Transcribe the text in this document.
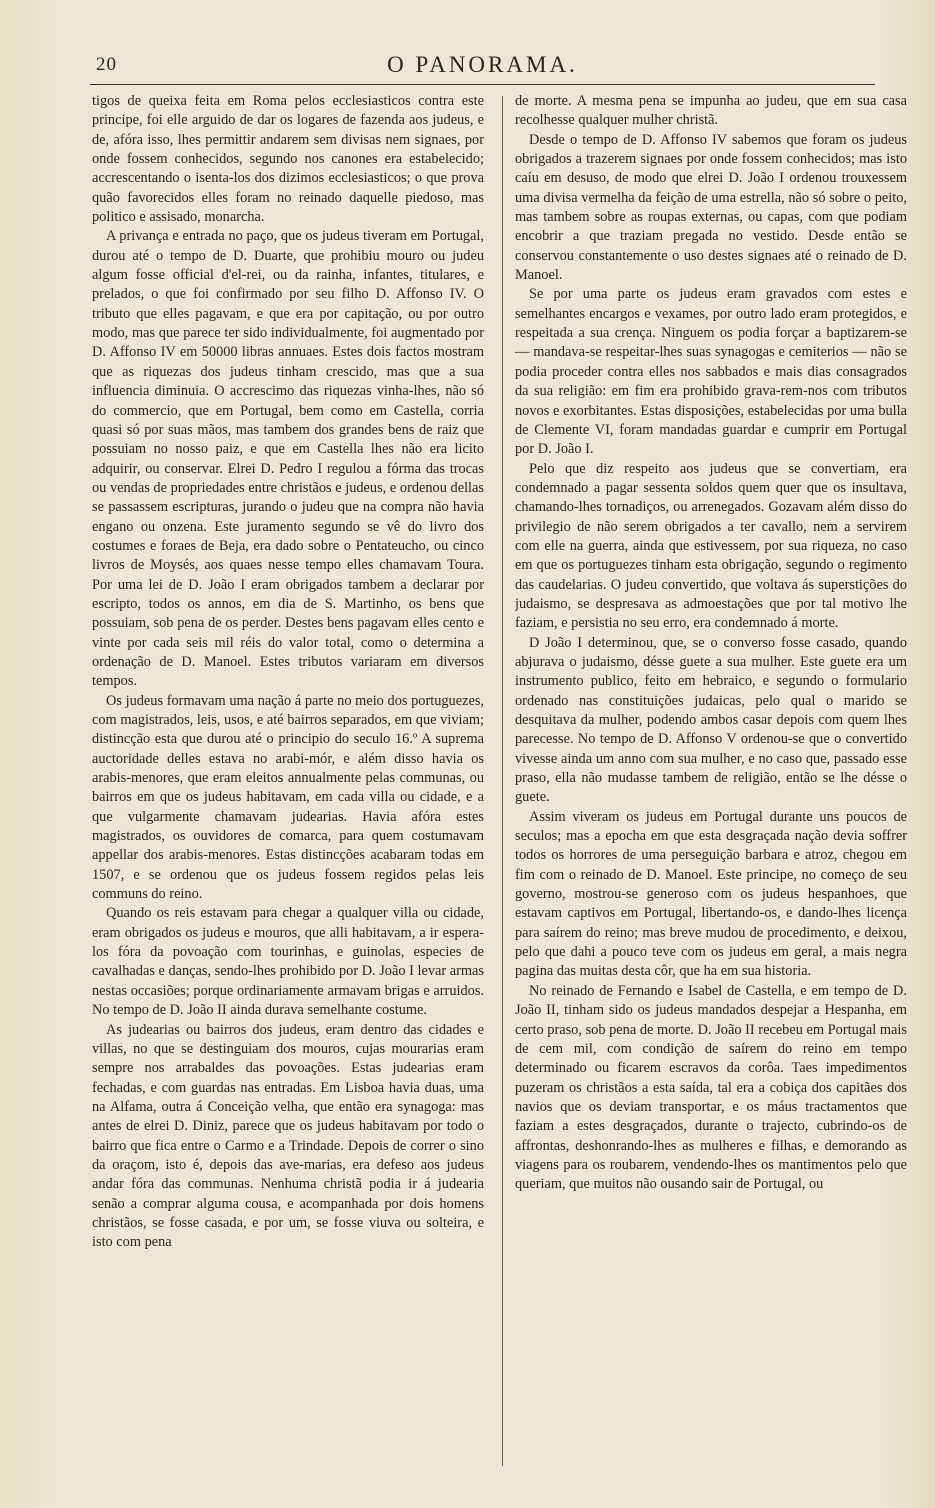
20	O PANORAMA.

tigos de queixa feita em Roma pelos ecclesiasticos contra este principe, foi elle arguido de dar os logares de fazenda aos judeus, e de, afóra isso, lhes permittir andarem sem divisas nem signaes, por onde fossem conhecidos, segundo nos canones era estabelecido; accrescentando o isenta-los dos dizimos ecclesiasticos; o que prova quão favorecidos elles foram no reinado daquelle piedoso, mas politico e assisado, monarcha.

A privança e entrada no paço, que os judeus tiveram em Portugal, durou até o tempo de D. Duarte, que prohibiu mouro ou judeu algum fosse official d'el-rei, ou da rainha, infantes, titulares, e prelados, o que foi confirmado por seu filho D. Affonso IV. O tributo que elles pagavam, e que era por capitação, ou por outro modo, mas que parece ter sido individualmente, foi augmentado por D. Affonso IV em 50000 libras annuaes. Estes dois factos mostram que as riquezas dos judeus tinham crescido, mas que a sua influencia diminuia. O accrescimo das riquezas vinha-lhes, não só do commercio, que em Portugal, bem como em Castella, corria quasi só por suas mãos, mas tambem dos grandes bens de raiz que possuiam no nosso paiz, e que em Castella lhes não era licito adquirir, ou conservar. Elrei D. Pedro I regulou a fórma das trocas ou vendas de propriedades entre christãos e judeus, e ordenou dellas se passassem escripturas, jurando o judeu que na compra não havia engano ou onzena. Este juramento segundo se vê do livro dos costumes e foraes de Beja, era dado sobre o Pentateucho, ou cinco livros de Moysés, aos quaes nesse tempo elles chamavam Toura. Por uma lei de D. João I eram obrigados tambem a declarar por escripto, todos os annos, em dia de S. Martinho, os bens que possuiam, sob pena de os perder. Destes bens pagavam elles cento e vinte por cada seis mil réis do valor total, como o determina a ordenação de D. Manoel. Estes tributos variaram em diversos tempos.

Os judeus formavam uma nação á parte no meio dos portuguezes, com magistrados, leis, usos, e até bairros separados, em que viviam; distincção esta que durou até o principio do seculo 16.º A suprema auctoridade delles estava no arabi-mór, e além disso havia os arabis-menores, que eram eleitos annualmente pelas communas, ou bairros em que os judeus habitavam, em cada villa ou cidade, e a que vulgarmente chamavam judearias. Havia afóra estes magistrados, os ouvidores de comarca, para quem costumavam appellar dos arabis-menores. Estas distincções acabaram todas em 1507, e se ordenou que os judeus fossem regidos pelas leis communs do reino.

Quando os reis estavam para chegar a qualquer villa ou cidade, eram obrigados os judeus e mouros, que alli habitavam, a ir espera-los fóra da povoação com tourinhas, e guinolas, especies de cavalhadas e danças, sendo-lhes prohibido por D. João I levar armas nestas occasiões; porque ordinariamente armavam brigas e arruidos. No tempo de D. João II ainda durava semelhante costume.

As judearias ou bairros dos judeus, eram dentro das cidades e villas, no que se destinguiam dos mouros, cujas mourarias eram sempre nos arrabaldes das povoações. Estas judearias eram fechadas, e com guardas nas entradas. Em Lisboa havia duas, uma na Alfama, outra á Conceição velha, que então era synagoga: mas antes de elrei D. Diniz, parece que os judeus habitavam por todo o bairro que fica entre o Carmo e a Trindade. Depois de correr o sino da oraçom, isto é, depois das ave-marias, era defeso aos judeus andar fóra das communas. Nenhuma christã podia ir á judearia senão a comprar alguma cousa, e acompanhada por dois homens christãos, se fosse casada, e por um, se fosse viuva ou solteira, e isto com pena

de morte. A mesma pena se impunha ao judeu, que em sua casa recolhesse qualquer mulher christã.

Desde o tempo de D. Affonso IV sabemos que foram os judeus obrigados a trazerem signaes por onde fossem conhecidos; mas isto caíu em desuso, de modo que elrei D. João I ordenou trouxessem uma divisa vermelha da feição de uma estrella, não só sobre o peito, mas tambem sobre as roupas externas, ou capas, com que podiam encobrir a que traziam pregada no vestido. Desde então se conservou constantemente o uso destes signaes até o reinado de D. Manoel.

Se por uma parte os judeus eram gravados com estes e semelhantes encargos e vexames, por outro lado eram protegidos, e respeitada a sua crença. Ninguem os podia forçar a baptizarem-se — mandava-se respeitar-lhes suas synagogas e cemiterios — não se podia proceder contra elles nos sabbados e mais dias consagrados da sua religião: em fim era prohibido grava-rem-nos com tributos novos e exorbitantes. Estas disposições, estabelecidas por uma bulla de Clemente VI, foram mandadas guardar e cumprir em Portugal por D. João I.

Pelo que diz respeito aos judeus que se convertiam, era condemnado a pagar sessenta soldos quem quer que os insultava, chamando-lhes tornadiços, ou arrenegados. Gozavam além disso do privilegio de não serem obrigados a ter cavallo, nem a servirem com elle na guerra, ainda que estivessem, por sua riqueza, no caso em que os portuguezes tinham esta obrigação, segundo o regimento das caudelarias. O judeu convertido, que voltava ás superstições do judaismo, se despresava as admoestações que por tal motivo lhe faziam, e persistia no seu erro, era condemnado á morte.

D João I determinou, que, se o converso fosse casado, quando abjurava o judaismo, désse guete a sua mulher. Este guete era um instrumento publico, feito em hebraico, e segundo o formulario ordenado nas constituições judaicas, pelo qual o marido se desquitava da mulher, podendo ambos casar depois com quem lhes parecesse. No tempo de D. Affonso V ordenou-se que o convertido vivesse ainda um anno com sua mulher, e no caso que, passado esse praso, ella não mudasse tambem de religião, então se lhe désse o guete.

Assim viveram os judeus em Portugal durante uns poucos de seculos; mas a epocha em que esta desgraçada nação devia soffrer todos os horrores de uma perseguição barbara e atroz, chegou em fim com o reinado de D. Manoel. Este principe, no começo de seu governo, mostrou-se generoso com os judeus hespanhoes, que estavam captivos em Portugal, libertando-os, e dando-lhes licença para saírem do reino; mas breve mudou de procedimento, e deixou, pelo que dahi a pouco teve com os judeus em geral, a mais negra pagina das muitas desta côr, que ha em sua historia.

No reinado de Fernando e Isabel de Castella, e em tempo de D. João II, tinham sido os judeus mandados despejar a Hespanha, em certo praso, sob pena de morte. D. João II recebeu em Portugal mais de cem mil, com condição de saírem do reino em tempo determinado ou ficarem escravos da corôa. Taes impedimentos puzeram os christãos a esta saída, tal era a cobiça dos capitães dos navios que os deviam transportar, e os máus tractamentos que faziam a estes desgraçados, durante o trajecto, cubrindo-os de affrontas, deshonrando-lhes as mulheres e filhas, e demorando as viagens para os roubarem, vendendo-lhes os mantimentos pelo que queriam, que muitos não ousando sair de Portugal, ou
